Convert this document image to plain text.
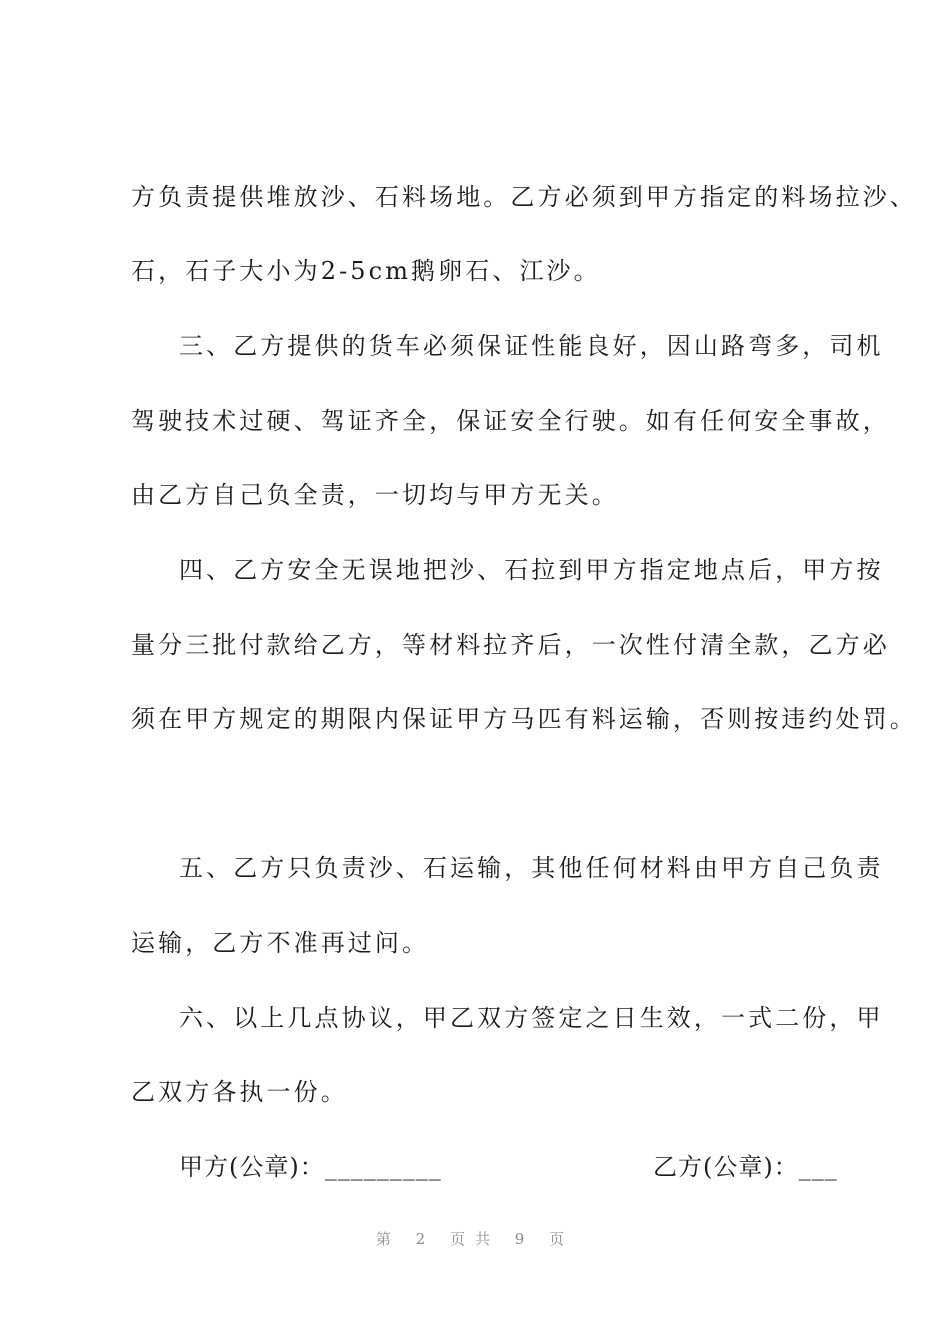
方负责提供堆放沙、石料场地。乙方必须到甲方指定的料场拉沙、
石，石子大小为2-5cm鹅卵石、江沙。
三、乙方提供的货车必须保证性能良好，因山路弯多，司机
驾驶技术过硬、驾证齐全，保证安全行驶。如有任何安全事故，
由乙方自己负全责，一切均与甲方无关。
四、乙方安全无误地把沙、石拉到甲方指定地点后，甲方按
量分三批付款给乙方，等材料拉齐后，一次性付清全款，乙方必
须在甲方规定的期限内保证甲方马匹有料运输，否则按违约处罚。
五、乙方只负责沙、石运输，其他任何材料由甲方自己负责
运输，乙方不准再过问。
六、以上几点协议，甲乙双方签定之日生效，一式二份，甲
乙双方各执一份。
甲方(公章)：_________	乙方(公章)：___
第 2 页共 9 页
